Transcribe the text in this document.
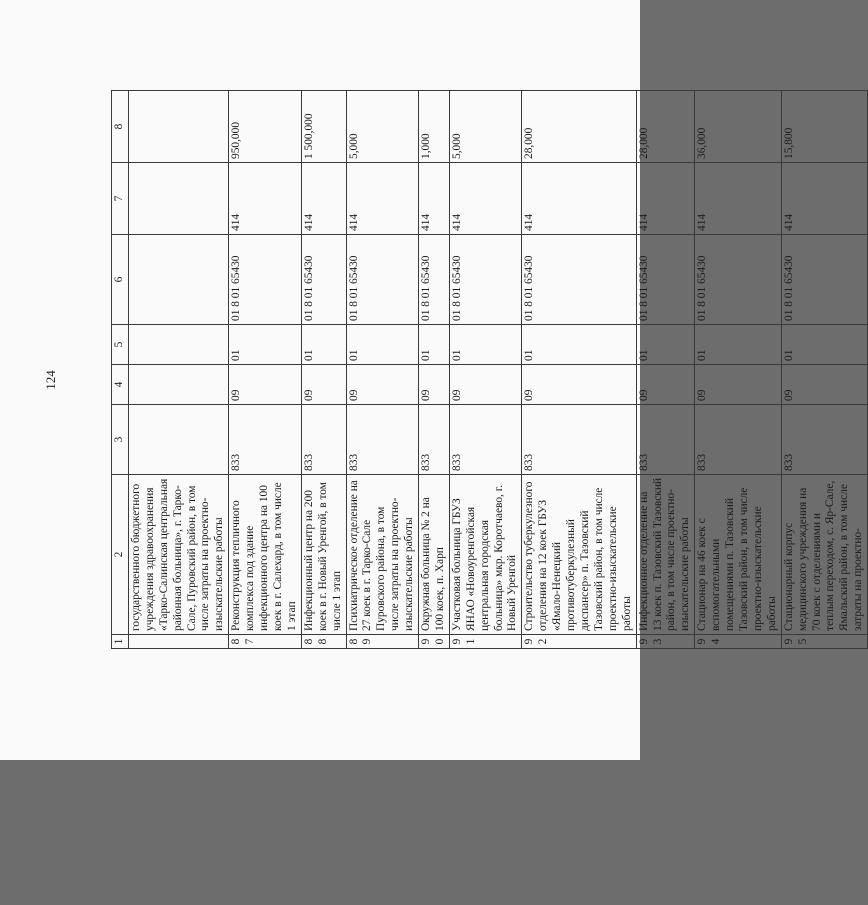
124
1	2	3	4	5	6	7	8
	государственного бюджетного учреждения здравоохранения «Тарко-Салинская центральная районная больница», г. Тарко-Сале, Пуровский район, в том числе затраты на проектно-изыскательские работы						
87	Реконструкция тепличного комплекса под здание инфекционного центра на 100 коек в г. Салехард, в том числе 1 этап	833	09	01	01 8 01 65430	414	950,000
88	Инфекционный центр на 200 коек в г. Новый Уренгой, в том числе 1 этап	833	09	01	01 8 01 65430	414	1 500,000
89	Психиатрическое отделение на 27 коек в г. Тарко-Сале Пуровского района, в том числе затраты на проектно-изыскательские работы	833	09	01	01 8 01 65430	414	5,000
90	Окружная больница № 2 на 100 коек, п. Харп	833	09	01	01 8 01 65430	414	1,000
91	Участковая больница ГБУЗ ЯНАО «Новоуренгойская центральная городская больница» мкр. Коротчаево, г. Новый Уренгой	833	09	01	01 8 01 65430	414	5,000
92	Строительство туберкулезного отделения на 12 коек ГБУЗ «Ямало-Ненецкий противотуберкулезный диспансер» п. Тазовский Тазовский район, в том числе проектно-изыскательские работы	833	09	01	01 8 01 65430	414	28,000
93	Инфекционное отделение на 13 коек п. Тазовский Тазовский район, в том числе проектно-изыскательские работы	833	09	01	01 8 01 65430	414	28,000
94	Стационар на 46 коек с вспомогательными помещениями п. Тазовский Тазовский район, в том числе проектно-изыскательские работы	833	09	01	01 8 01 65430	414	36,000
95	Стационарный корпус медицинского учреждения на 70 коек с отделениями и теплым переходом, с. Яр-Сале, Ямальский район, в том числе затраты на проектно-	833	09	01	01 8 01 65430	414	15,800
